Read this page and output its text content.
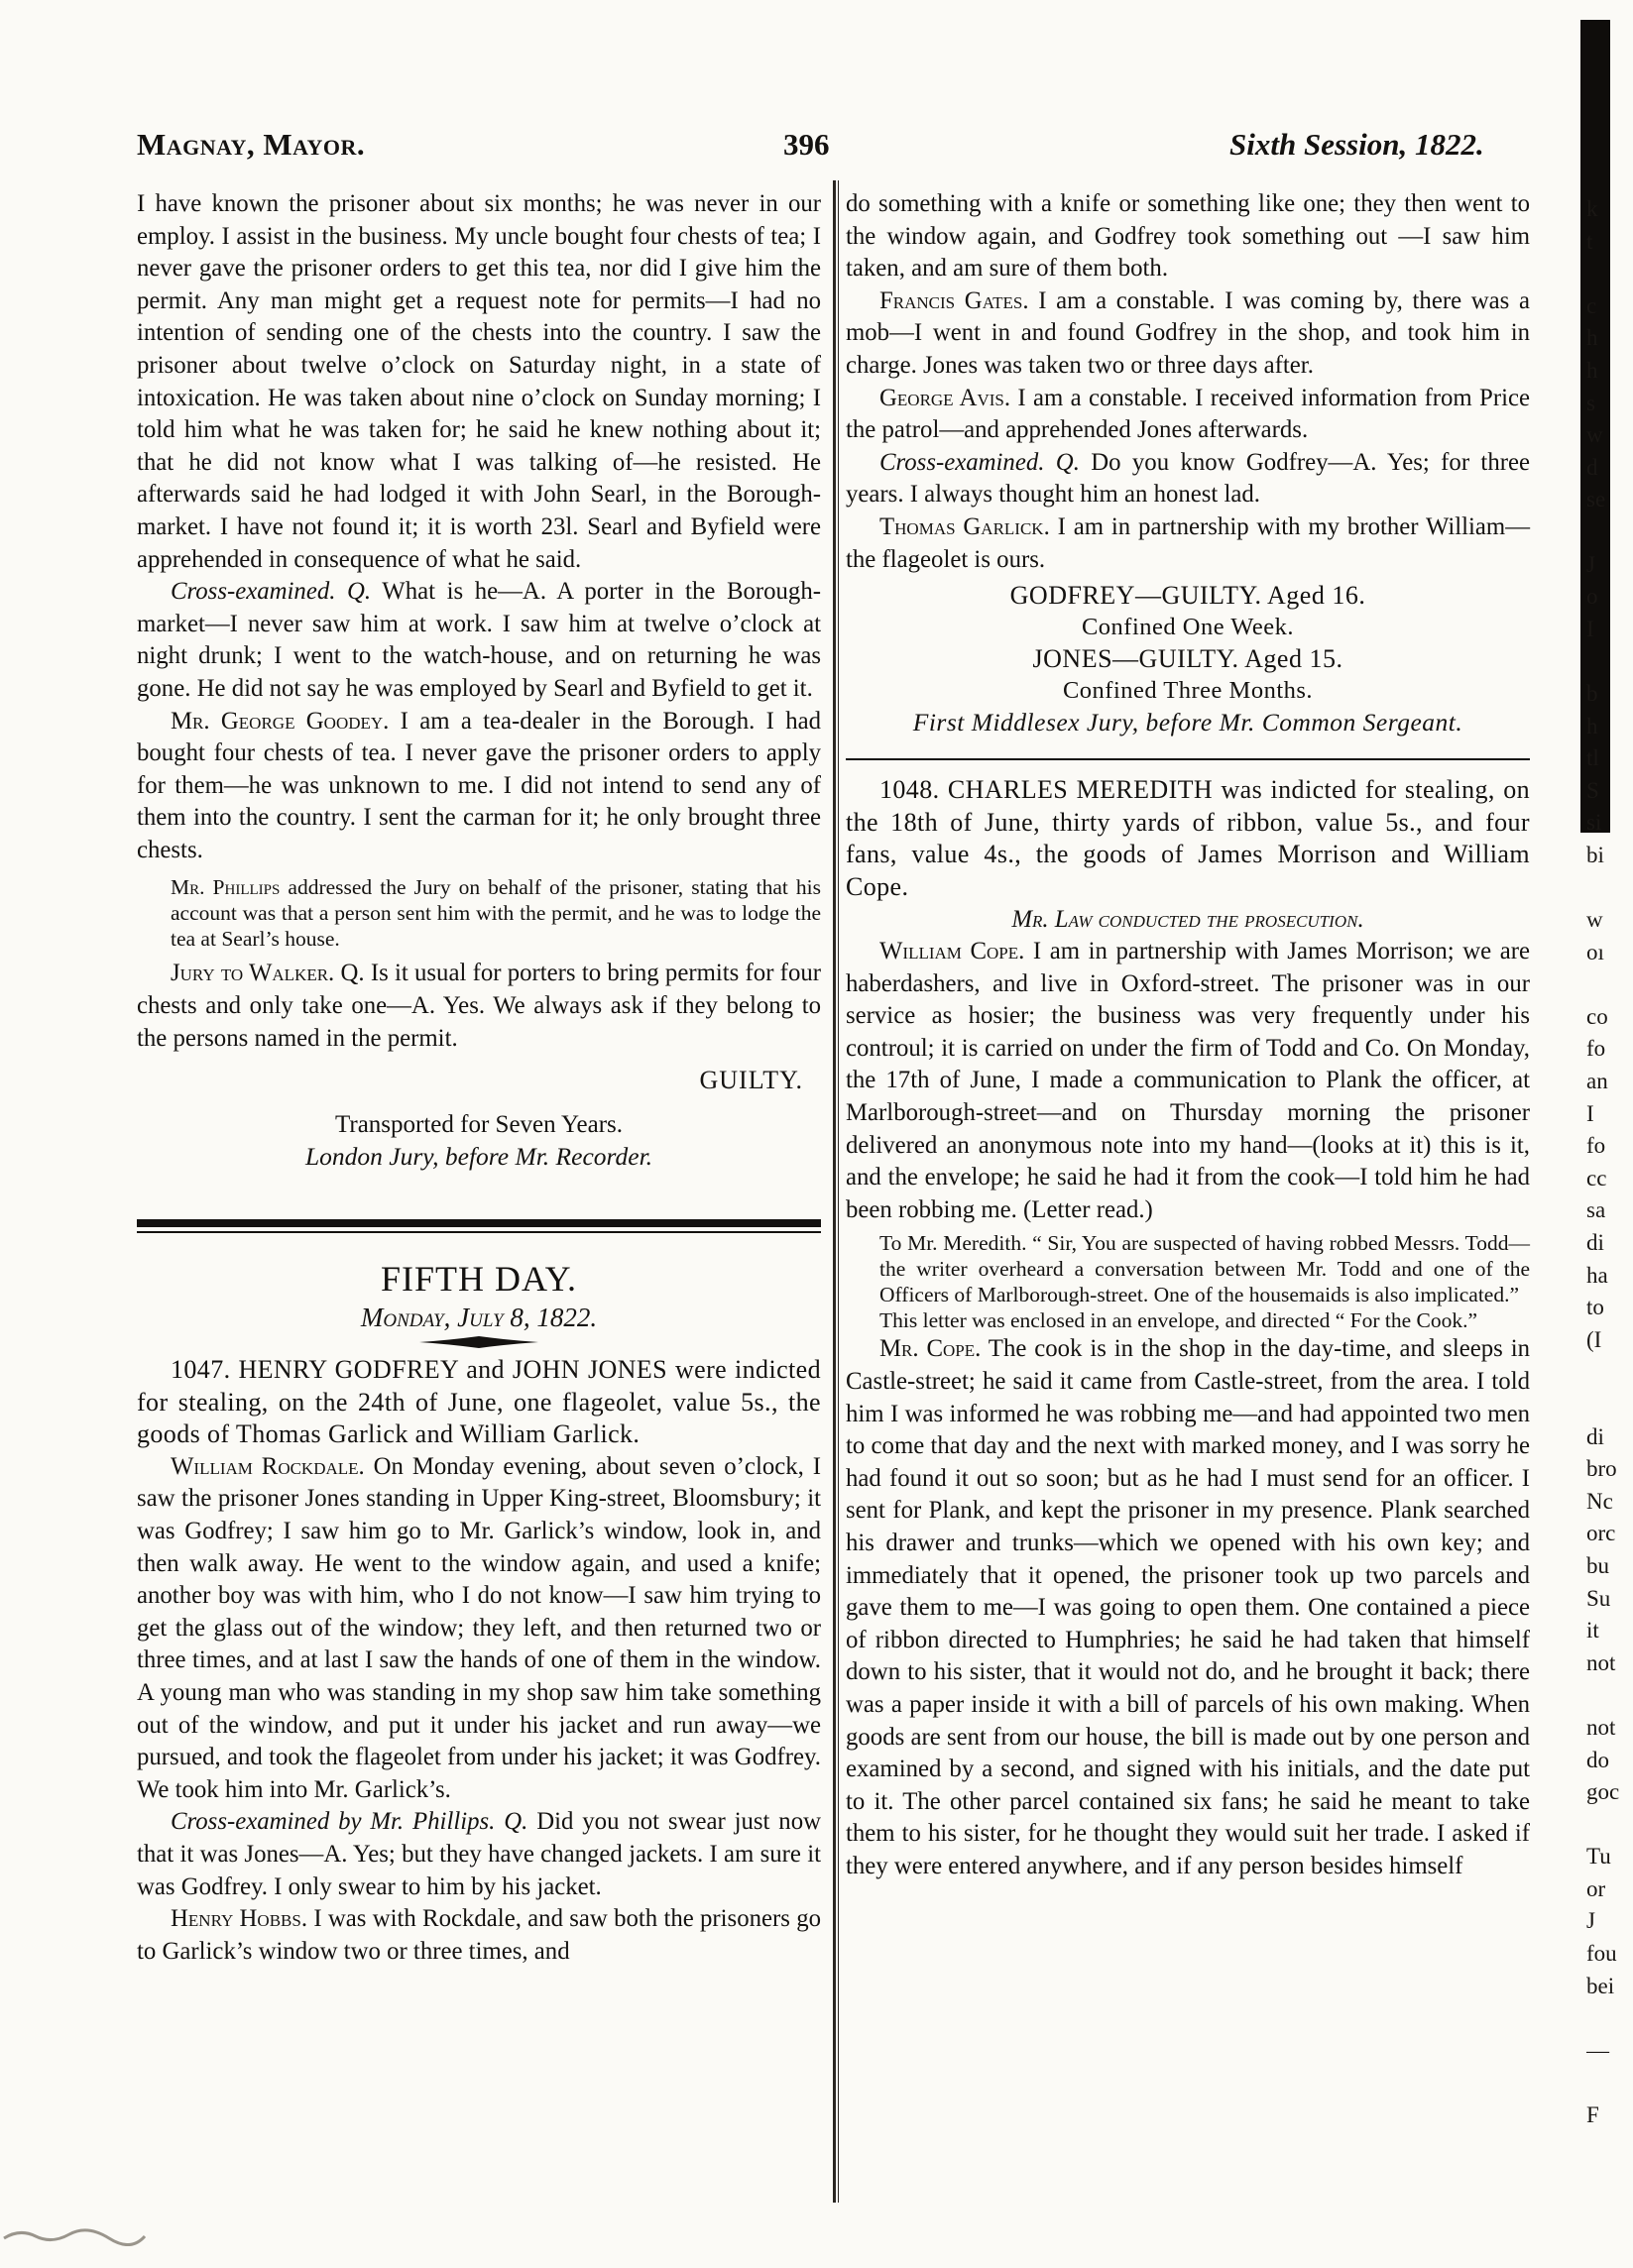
Magnay, Mayor.	396	Sixth Session, 1822.

I have known the prisoner about six months; he was never in our employ. I assist in the business. My uncle bought four chests of tea; I never gave the prisoner orders to get this tea, nor did I give him the permit. Any man might get a request note for permits—I had no intention of sending one of the chests into the country. I saw the prisoner about twelve o’clock on Saturday night, in a state of intoxication. He was taken about nine o’clock on Sunday morning; I told him what he was taken for; he said he knew nothing about it; that he did not know what I was talking of—he resisted. He afterwards said he had lodged it with John Searl, in the Borough-market. I have not found it; it is worth 23l. Searl and Byfield were apprehended in consequence of what he said.

Cross-examined. Q. What is he—A. A porter in the Borough-market—I never saw him at work. I saw him at twelve o’clock at night drunk; I went to the watch-house, and on returning he was gone. He did not say he was employed by Searl and Byfield to get it.

Mr. George Goodey. I am a tea-dealer in the Borough. I had bought four chests of tea. I never gave the prisoner orders to apply for them—he was unknown to me. I did not intend to send any of them into the country. I sent the carman for it; he only brought three chests.

Mr. Phillips addressed the Jury on behalf of the prisoner, stating that his account was that a person sent him with the permit, and he was to lodge the tea at Searl’s house.

Jury to Walker. Q. Is it usual for porters to bring permits for four chests and only take one—A. Yes. We always ask if they belong to the persons named in the permit.

GUILTY.

Transported for Seven Years.

London Jury, before Mr. Recorder.

FIFTH DAY.
Monday, July 8, 1822.

1047. HENRY GODFREY and JOHN JONES were indicted for stealing, on the 24th of June, one flageolet, value 5s., the goods of Thomas Garlick and William Garlick.

William Rockdale. On Monday evening, about seven o’clock, I saw the prisoner Jones standing in Upper King-street, Bloomsbury; it was Godfrey; I saw him go to Mr. Garlick’s window, look in, and then walk away. He went to the window again, and used a knife; another boy was with him, who I do not know—I saw him trying to get the glass out of the window; they left, and then returned two or three times, and at last I saw the hands of one of them in the window. A young man who was standing in my shop saw him take something out of the window, and put it under his jacket and run away—we pursued, and took the flageolet from under his jacket; it was Godfrey. We took him into Mr. Garlick’s.

Cross-examined by Mr. Phillips. Q. Did you not swear just now that it was Jones—A. Yes; but they have changed jackets. I am sure it was Godfrey. I only swear to him by his jacket.

Henry Hobbs. I was with Rockdale, and saw both the prisoners go to Garlick’s window two or three times, and

do something with a knife or something like one; they then went to the window again, and Godfrey took something out —I saw him taken, and am sure of them both.

Francis Gates. I am a constable. I was coming by, there was a mob—I went in and found Godfrey in the shop, and took him in charge. Jones was taken two or three days after.

George Avis. I am a constable. I received information from Price the patrol—and apprehended Jones afterwards.

Cross-examined. Q. Do you know Godfrey—A. Yes; for three years. I always thought him an honest lad.

Thomas Garlick. I am in partnership with my brother William—the flageolet is ours.

GODFREY—GUILTY. Aged 16.
Confined One Week.
JONES—GUILTY. Aged 15.
Confined Three Months.
First Middlesex Jury, before Mr. Common Sergeant.

1048. CHARLES MEREDITH was indicted for stealing, on the 18th of June, thirty yards of ribbon, value 5s., and four fans, value 4s., the goods of James Morrison and William Cope.

Mr. Law conducted the prosecution.

William Cope. I am in partnership with James Morrison; we are haberdashers, and live in Oxford-street. The prisoner was in our service as hosier; the business was very frequently under his controul; it is carried on under the firm of Todd and Co. On Monday, the 17th of June, I made a communication to Plank the officer, at Marlborough-street—and on Thursday morning the prisoner delivered an anonymous note into my hand—(looks at it) this is it, and the envelope; he said he had it from the cook—I told him he had been robbing me. (Letter read.)

To Mr. Meredith. “ Sir, You are suspected of having robbed Messrs. Todd—the writer overheard a conversation between Mr. Todd and one of the Officers of Marlborough-street. One of the housemaids is also implicated.”

This letter was enclosed in an envelope, and directed “ For the Cook.”

Mr. Cope. The cook is in the shop in the day-time, and sleeps in Castle-street; he said it came from Castle-street, from the area. I told him I was informed he was robbing me—and had appointed two men to come that day and the next with marked money, and I was sorry he had found it out so soon; but as he had I must send for an officer. I sent for Plank, and kept the prisoner in my presence. Plank searched his drawer and trunks—which we opened with his own key; and immediately that it opened, the prisoner took up two parcels and gave them to me—I was going to open them. One contained a piece of ribbon directed to Humphries; he said he had taken that himself down to his sister, that it would not do, and he brought it back; there was a paper inside it with a bill of parcels of his own making. When goods are sent from our house, the bill is made out by one person and examined by a second, and signed with his initials, and the date put to it. The other parcel contained six fans; he said he meant to take them to his sister, for he thought they would suit her trade. I asked if they were entered anywhere, and if any person besides himself

k
t
c
h
h
s
w
d
se
J
o
I
b
h
tl
S
si
bi
w
oı
co
fo
an
I
fo
cc
sa
di
ha
to
(I
di
bro
Nc
orc
bu
Su
it
not
not
do
goc
Tu
or
J
fou
bei
—
F
